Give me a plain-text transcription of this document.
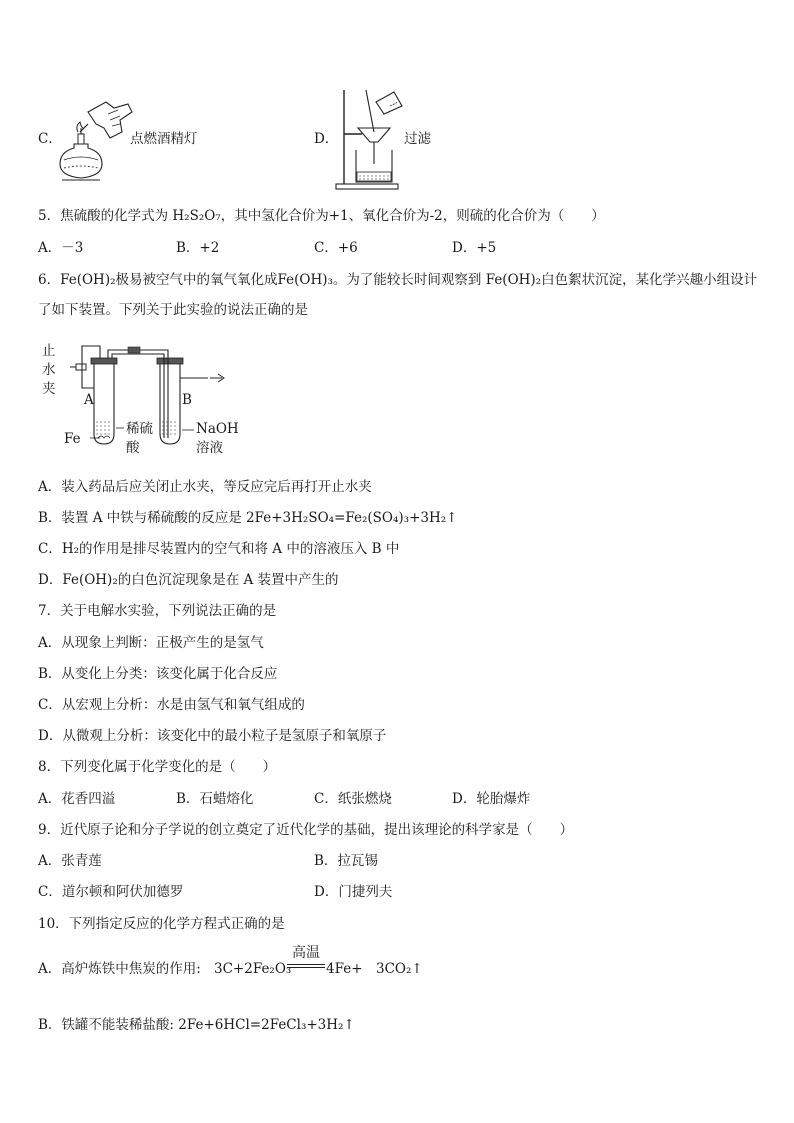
C．	点燃酒精灯	D．	过滤
5．焦硫酸的化学式为 H₂S₂O₇，其中氢化合价为+1、氧化合价为-2，则硫的化合价为（　　）
A．－3	B．+2	C．+6	D．+5
6．Fe(OH)₂极易被空气中的氧气氧化成Fe(OH)₃。为了能较长时间观察到 Fe(OH)₂白色絮状沉淀，某化学兴趣小组设计
了如下装置。下列关于此实验的说法正确的是
止
水
夹
A	B
Fe
稀硫
酸
NaOH
溶液
A．装入药品后应关闭止水夹，等反应完后再打开止水夹
B．装置 A 中铁与稀硫酸的反应是 2Fe+3H₂SO₄=Fe₂(SO₄)₃+3H₂↑
C．H₂的作用是排尽装置内的空气和将 A 中的溶液压入 B 中
D．Fe(OH)₂的白色沉淀现象是在 A 装置中产生的
7．关于电解水实验，下列说法正确的是
A．从现象上判断：正极产生的是氢气
B．从变化上分类：该变化属于化合反应
C．从宏观上分析：水是由氢气和氧气组成的
D．从微观上分析：该变化中的最小粒子是氢原子和氧原子
8．下列变化属于化学变化的是（　　）
A．花香四溢	B．石蜡熔化	C．纸张燃烧	D．轮胎爆炸
9．近代原子论和分子学说的创立奠定了近代化学的基础，提出该理论的科学家是（　　）
A．张青莲	B．拉瓦锡
C．道尔顿和阿伏加德罗	D．门捷列夫
10．下列指定反应的化学方程式正确的是
A．高炉炼铁中焦炭的作用: 3C+2Fe₂O₃
高温
4Fe+　3CO₂↑
B．铁罐不能装稀盐酸: 2Fe+6HCl=2FeCl₃+3H₂↑
